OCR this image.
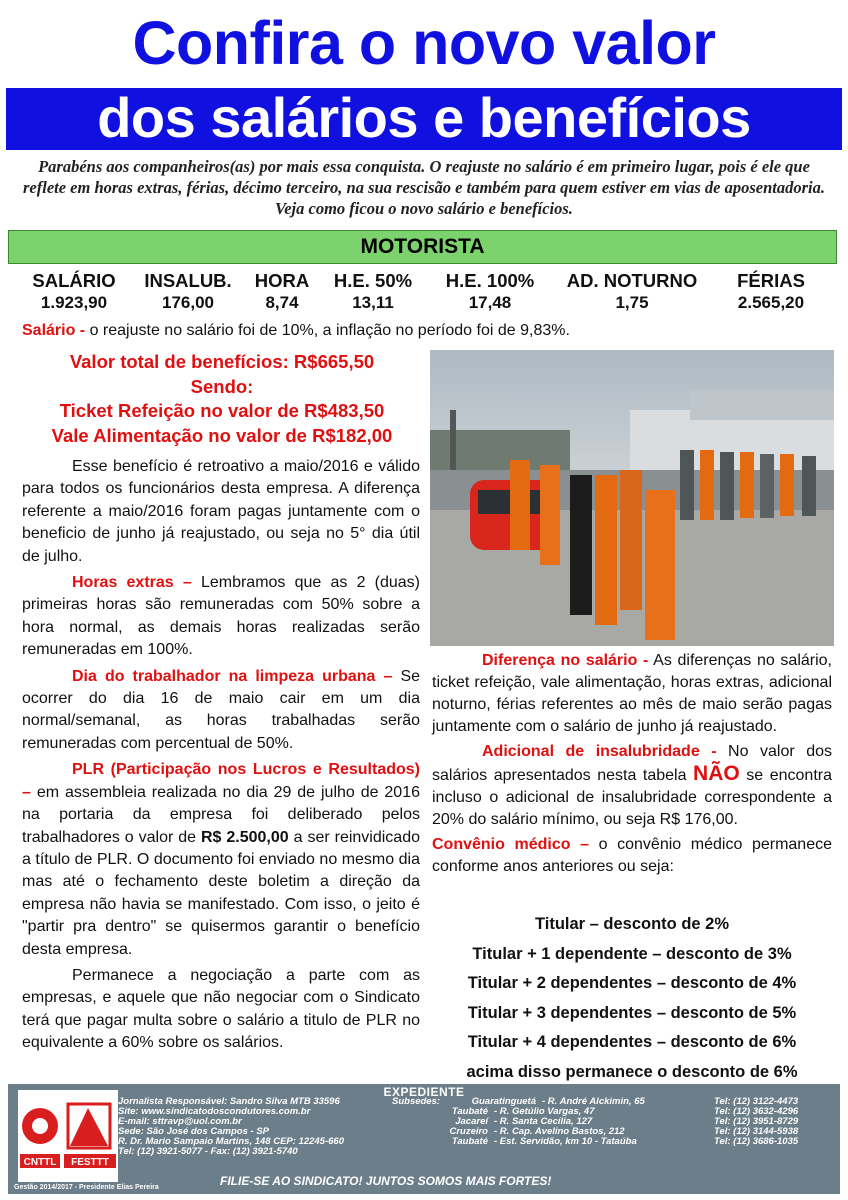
Confira o novo valor
dos salários e benefícios
Parabéns aos companheiros(as) por mais essa conquista. O reajuste no salário é em primeiro lugar, pois é ele que reflete em horas extras, férias, décimo terceiro, na sua rescisão e também para quem estiver em vias de aposentadoria. Veja como ficou o novo salário e benefícios.
MOTORISTA
SALÁRIO
1.923,90
INSALUB.
176,00
HORA
8,74
H.E. 50%
13,11
H.E. 100%
17,48
AD. NOTURNO
1,75
FÉRIAS
2.565,20
Salário - o reajuste no salário foi de 10%, a inflação no período foi de 9,83%.
Valor total de benefícios: R$665,50
Sendo:
Ticket Refeição no valor de R$483,50
Vale Alimentação no valor de R$182,00

Esse benefício é retroativo a maio/2016 e válido para todos os funcionários desta empresa. A diferença referente a maio/2016 foram pagas juntamente com o beneficio de junho já reajustado, ou seja no 5° dia útil de julho.

Horas extras – Lembramos que as 2 (duas) primeiras horas são remuneradas com 50% sobre a hora normal, as demais horas realizadas serão remuneradas em 100%.

Dia do trabalhador na limpeza urbana – Se ocorrer do dia 16 de maio cair em um dia normal/semanal, as horas trabalhadas serão remuneradas com percentual de 50%.

PLR (Participação nos Lucros e Resultados) – em assembleia realizada no dia 29 de julho de 2016 na portaria da empresa foi deliberado pelos trabalhadores o valor de R$ 2.500,00 a ser reinvidicado a título de PLR. O documento foi enviado no mesmo dia mas até o fechamento deste boletim a direção da empresa não havia se manifestado. Com isso, o jeito é "partir pra dentro" se quisermos garantir o benefício desta empresa.

Permanece a negociação a parte com as empresas, e aquele que não negociar com o Sindicato terá que pagar multa sobre o salário a titulo de PLR no equivalente a 60% sobre os salários.

Diferença no salário - As diferenças no salário, ticket refeição, vale alimentação, horas extras, adicional noturno, férias referentes ao mês de maio serão pagas juntamente com o salário de junho já reajustado.

Adicional de insalubridade - No valor dos salários apresentados nesta tabela NÃO se encontra incluso o adicional de insalubridade correspondente a 20% do salário mínimo, ou seja R$ 176,00.

Convênio médico – o convênio médico permanece conforme anos anteriores ou seja:

Titular – desconto de 2%
Titular + 1 dependente – desconto de 3%
Titular + 2 dependentes – desconto de 4%
Titular + 3 dependentes – desconto de 5%
Titular + 4 dependentes – desconto de 6%
acima disso permanece o desconto de 6%
EXPEDIENTE
CNTTL FESTTT
Jornalista Responsável: Sandro Silva MTB 33596
Site: www.sindicatodoscondutores.com.br
E-mail: sttravp@uol.com.br
Sede: São José dos Campos - SP
R. Dr. Mario Sampaio Martins, 148 CEP: 12245-660
Tel: (12) 3921-5077 - Fax: (12) 3921-5740
Subsedes:	Guaratinguetá - R. André Alckimin, 65
Taubaté - R. Getúlio Vargas, 47
Jacareí - R. Santa Cecília, 127
Cruzeiro - R. Cap. Avelino Bastos, 212
Taubaté - Est. Servidão, km 10 - Tataúba
Tel: (12) 3122-4473
Tel: (12) 3632-4296
Tel: (12) 3951-8729
Tel: (12) 3144-5938
Tel: (12) 3686-1035
FILIE-SE AO SINDICATO! JUNTOS SOMOS MAIS FORTES!
Gestão 2014/2017 - Presidente Elias Pereira
